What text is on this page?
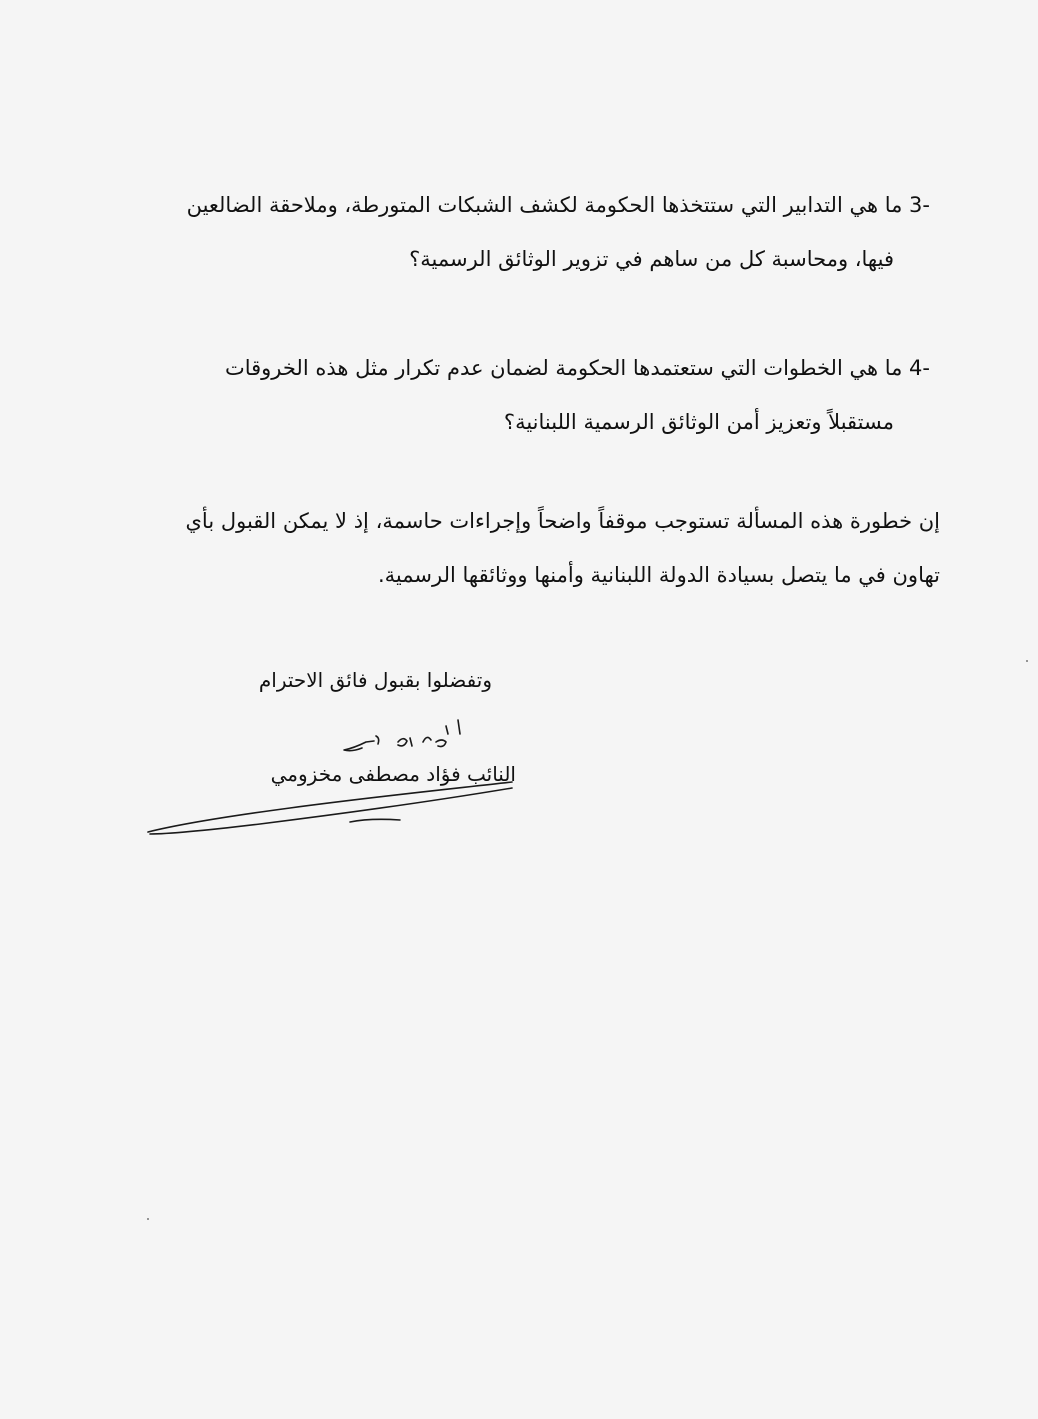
3- ما هي التدابير التي ستتخذها الحكومة لكشف الشبكات المتورطة، وملاحقة الضالعين
فيها، ومحاسبة كل من ساهم في تزوير الوثائق الرسمية؟
4- ما هي الخطوات التي ستعتمدها الحكومة لضمان عدم تكرار مثل هذه الخروقات
مستقبلاً وتعزيز أمن الوثائق الرسمية اللبنانية؟
إن خطورة هذه المسألة تستوجب موقفاً واضحاً وإجراءات حاسمة، إذ لا يمكن القبول بأي
تهاون في ما يتصل بسيادة الدولة اللبنانية وأمنها ووثائقها الرسمية.
وتفضلوا بقبول فائق الاحترام
النائب فؤاد مصطفى مخزومي
